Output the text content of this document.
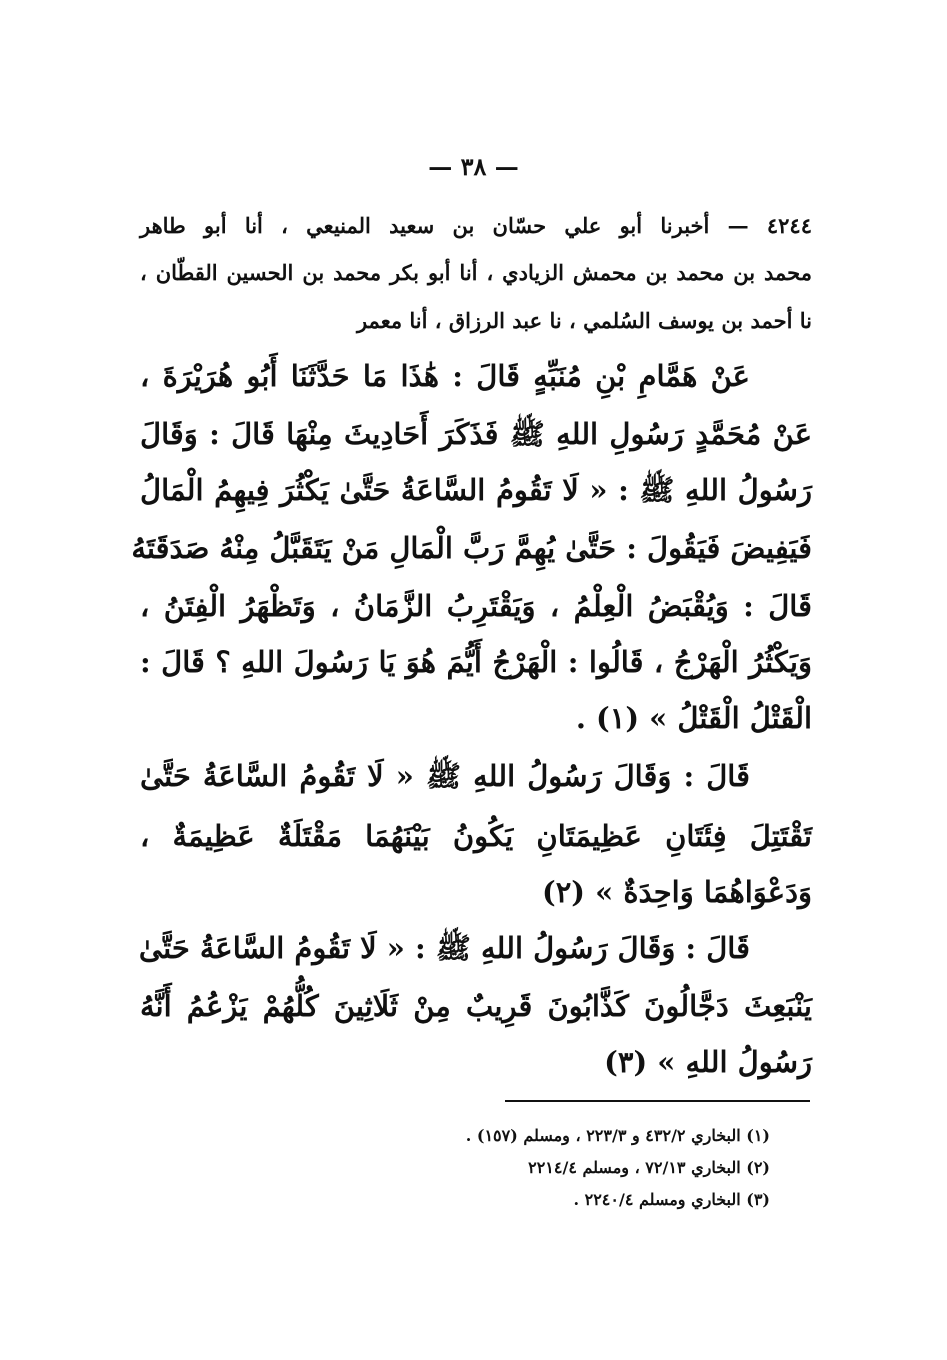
— ٣٨ —
٤٢٤٤ — أخبرنا أبو علي حسّان بن سعيد المنيعي ، أنا أبو طاهر
محمد بن محمد بن محمش الزيادي ، أنا أبو بكر محمد بن الحسين القطّان ،
نا أحمد بن يوسف السُلمي ، نا عبد الرزاق ، أنا معمر
عَنْ هَمَّامِ بْنِ مُنَبِّهٍ قَالَ : هَٰذَا مَا حَدَّثَنَا أَبُو هُرَيْرَةَ ،
عَنْ مُحَمَّدٍ رَسُولِ اللهِ ﷺ فَذَكَرَ أَحَادِيثَ مِنْهَا قَالَ : وَقَالَ
رَسُولُ اللهِ ﷺ : « لَا تَقُومُ السَّاعَةُ حَتَّىٰ يَكْثُرَ فِيهِمُ الْمَالُ
فَيَفِيضَ فَيَقُولَ : حَتَّىٰ يُهِمَّ رَبَّ الْمَالِ مَنْ يَتَقَبَّلُ مِنْهُ صَدَقَتَهُ
قَالَ : وَيُقْبَضُ الْعِلْمُ ، وَيَقْتَرِبُ الزَّمَانُ ، وَتَظْهَرُ الْفِتَنُ ،
وَيَكْثُرُ الْهَرْجُ ، قَالُوا : الْهَرْجُ أَيُّمَ هُوَ يَا رَسُولَ اللهِ ؟ قَالَ :
الْقَتْلُ الْقَتْلُ » (١) .
قَالَ : وَقَالَ رَسُولُ اللهِ ﷺ « لَا تَقُومُ السَّاعَةُ حَتَّىٰ
تَقْتَتِلَ فِئَتَانِ عَظِيمَتَانِ يَكُونُ بَيْنَهُمَا مَقْتَلَةٌ عَظِيمَةٌ ،
وَدَعْوَاهُمَا وَاحِدَةٌ » (٢)
قَالَ : وَقَالَ رَسُولُ اللهِ ﷺ : « لَا تَقُومُ السَّاعَةُ حَتَّىٰ
يَنْبَعِثَ دَجَّالُونَ كَذَّابُونَ قَرِيبٌ مِنْ ثَلَاثِينَ كُلُّهُمْ يَزْعُمُ أَنَّهُ
رَسُولُ اللهِ » (٣)
(١) البخاري ٤٣٢/٢ و ٢٢٣/٣ ، ومسلم (١٥٧) .
(٢) البخاري ٧٢/١٣ ، ومسلم ٢٢١٤/٤
(٣) البخاري ومسلم ٢٢٤٠/٤ .
